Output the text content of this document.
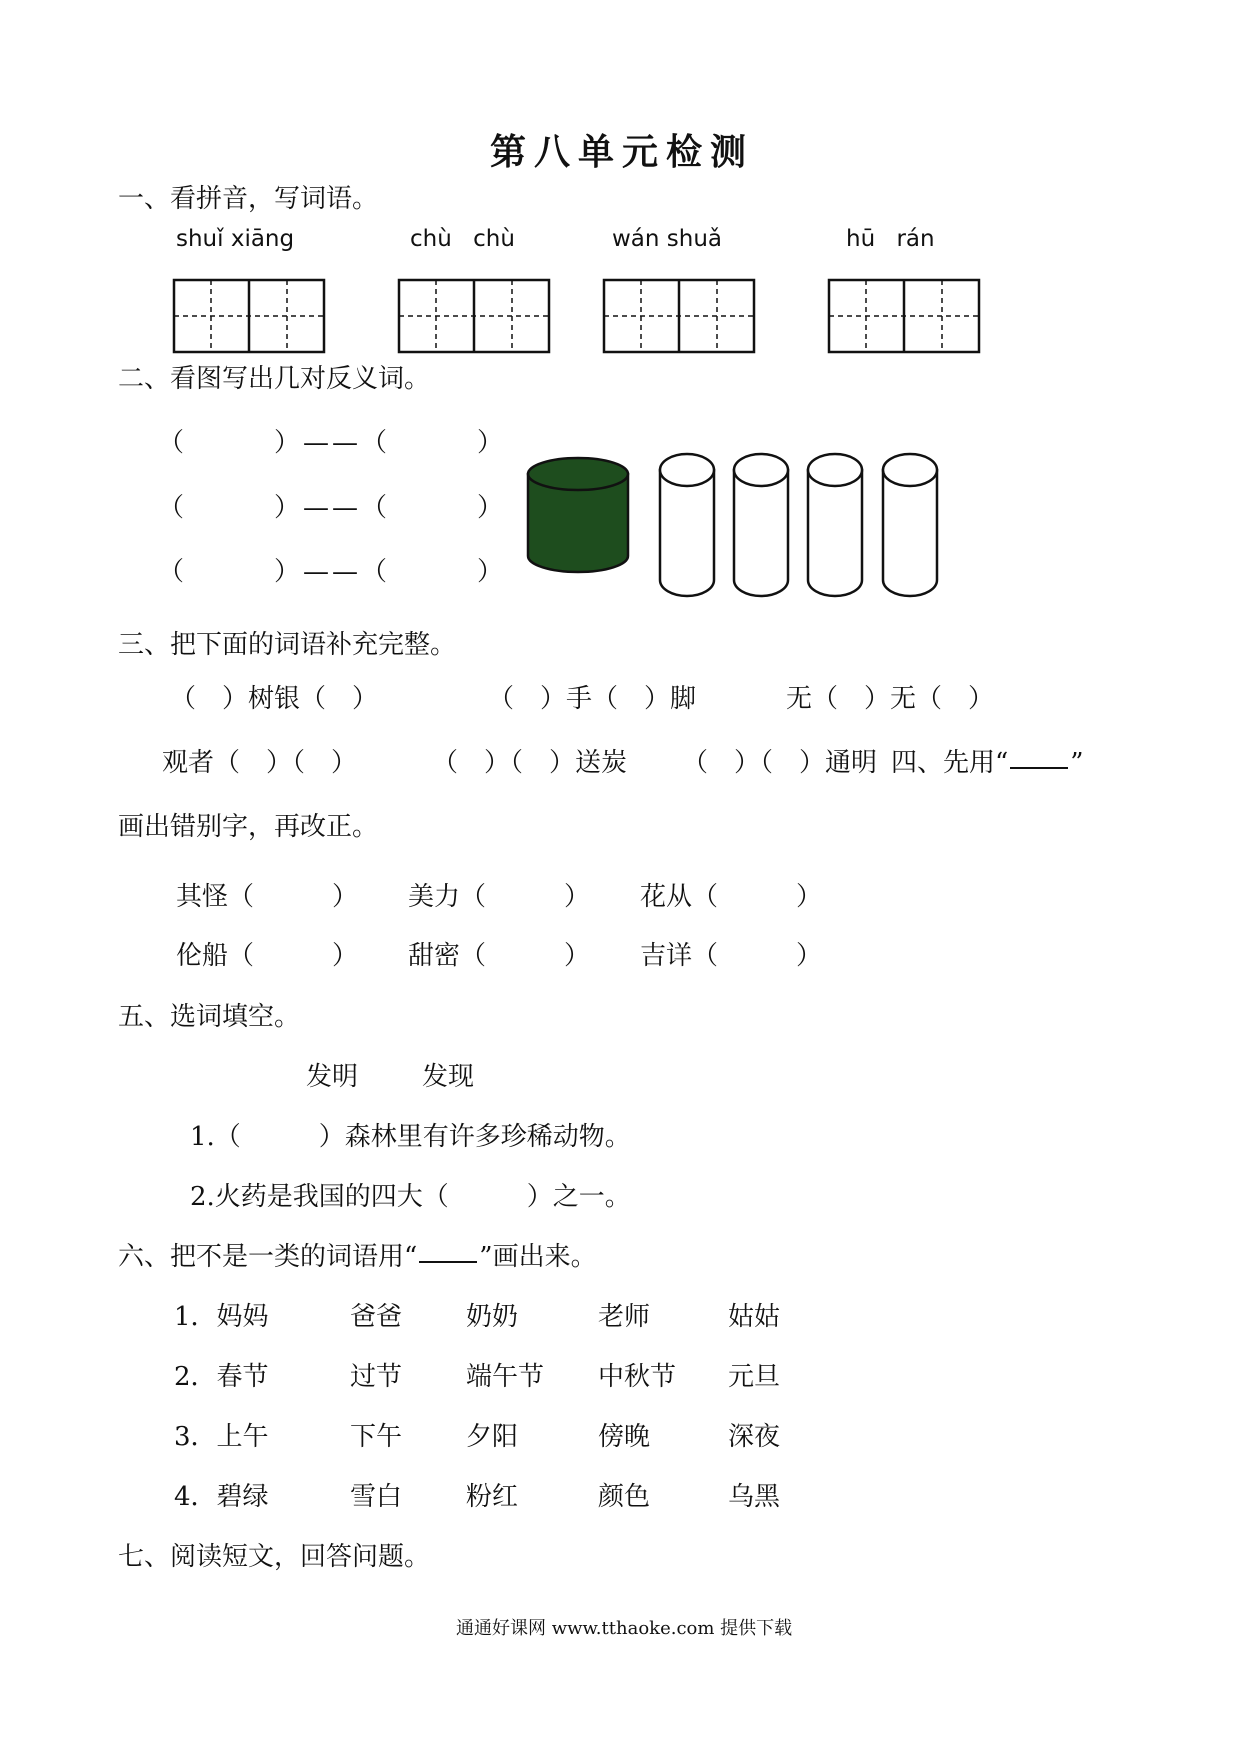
第八单元检测
一、看拼音，写词语。
shuǐ xiāng	chù chù	wán shuǎ	hū rán
二、看图写出几对反义词。
（　　　）——（　　　）
（　　　）——（　　　）
（　　　）——（　　　）
三、把下面的词语补充完整。
（　）树银（　）	（　）手（　）脚	无（　）无（　）
观者（　）（　）	（　）（　）送炭 （　）（　）通明 四、先用“ ”
画出错别字，再改正。
其怪（　　　） 美力（　　　） 花从（　　　）
伦船（　　　） 甜密（　　　） 吉详（　　　）
五、选词填空。
发明 发现
1.（　　　）森林里有许多珍稀动物。
2.火药是我国的四大（　　　）之一。
六、把不是一类的词语用“ ”画出来。
1．妈妈	爸爸 奶奶	老师	姑姑
2．春节	过节 端午节 中秋节 元旦
3．上午	下午 夕阳	傍晚	深夜
4．碧绿	雪白 粉红	颜色	乌黑
七、阅读短文，回答问题。
通通好课网 www.tthaoke.com 提供下载
